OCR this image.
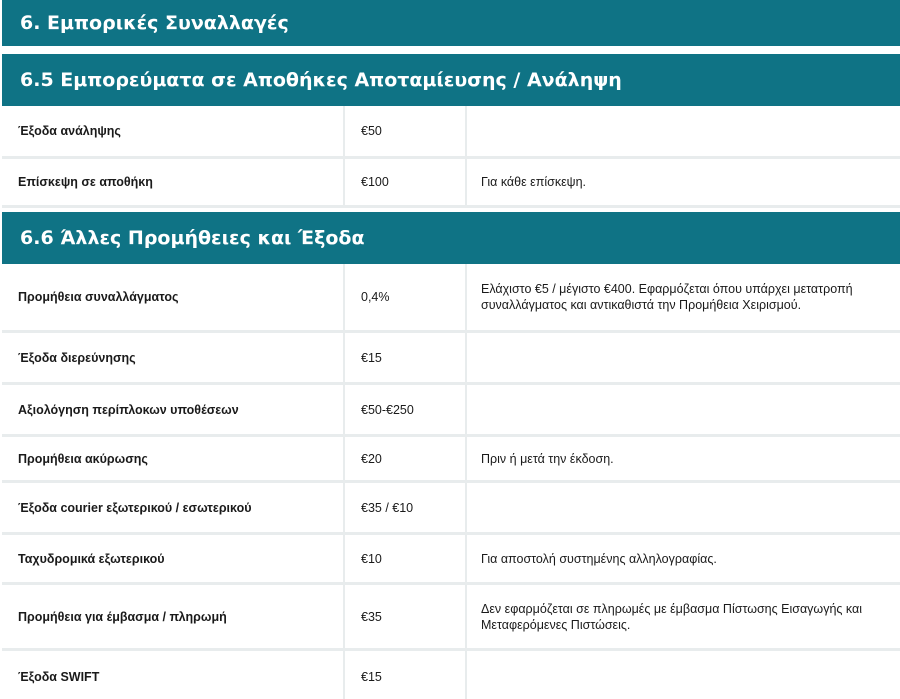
6. Εμπορικές Συναλλαγές
6.5 Εμπορεύματα σε Αποθήκες Αποταμίευσης / Ανάληψη
Έξοδα ανάληψης	€50	
Επίσκεψη σε αποθήκη	€100	Για κάθε επίσκεψη.
6.6 Άλλες Προμήθειες και Έξοδα
Προμήθεια συναλλάγματος	0,4%	Ελάχιστο €5 / μέγιστο €400. Εφαρμόζεται όπου υπάρχει μετατροπή συναλλάγματος και αντικαθιστά την Προμήθεια Χειρισμού.
Έξοδα διερεύνησης	€15	
Αξιολόγηση περίπλοκων υποθέσεων	€50-€250	
Προμήθεια ακύρωσης	€20	Πριν ή μετά την έκδοση.
Έξοδα courier εξωτερικού / εσωτερικού	€35 / €10	
Ταχυδρομικά εξωτερικού	€10	Για αποστολή συστημένης αλληλογραφίας.
Προμήθεια για έμβασμα / πληρωμή	€35	Δεν εφαρμόζεται σε πληρωμές με έμβασμα Πίστωσης Εισαγωγής και Μεταφερόμενες Πιστώσεις.
Έξοδα SWIFT	€15	
